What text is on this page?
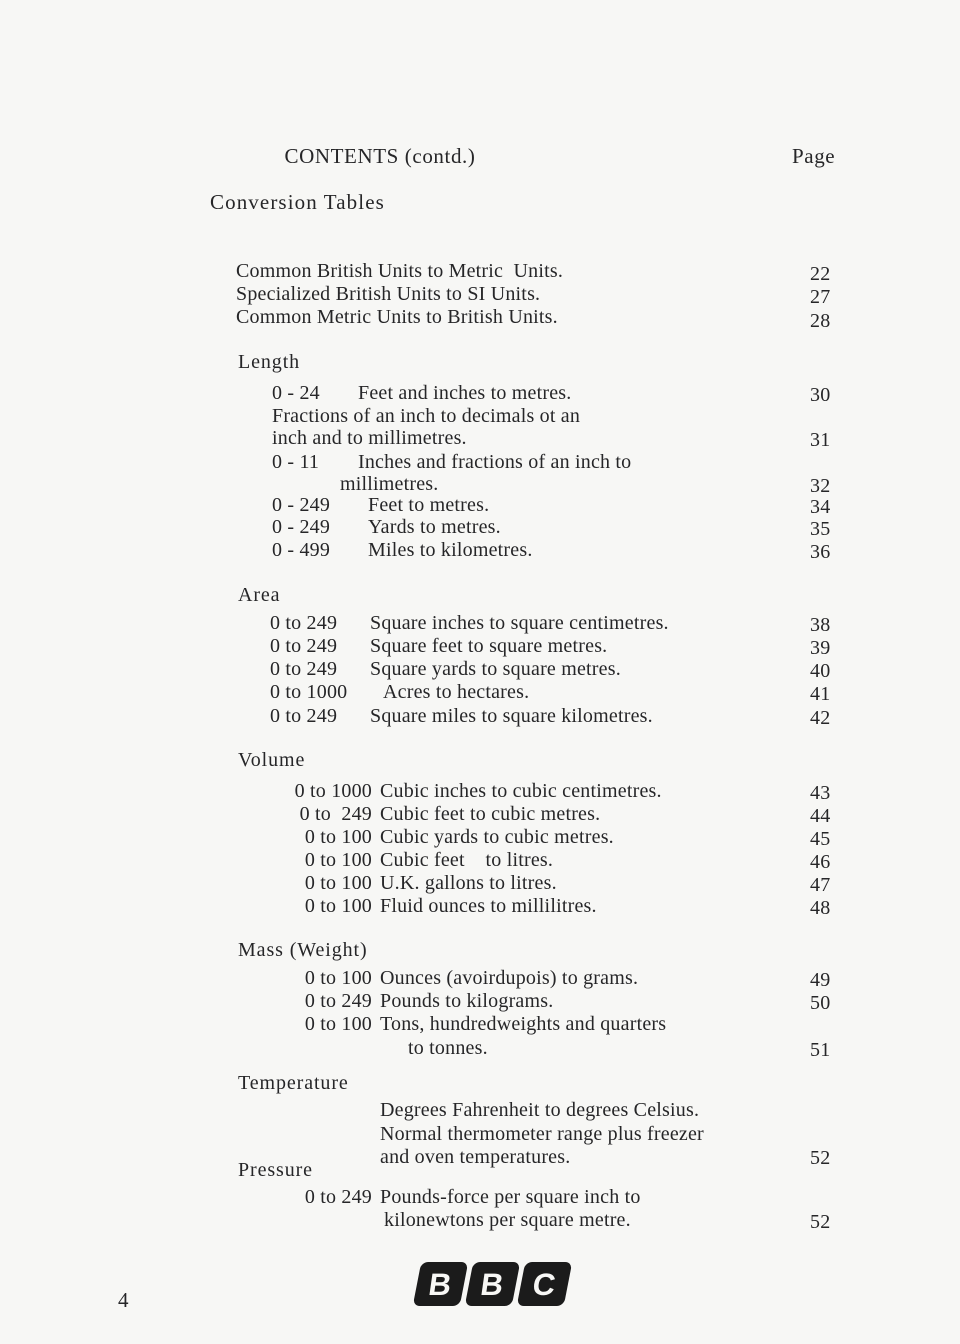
CONTENTS (contd.)	Page
Conversion Tables
Common British Units to Metric  Units.	22
Specialized British Units to SI Units.	27
Common Metric Units to British Units.	28
Length
0 - 24	Feet and inches to metres.	30
Fractions of an inch to decimals ot an
inch and to millimetres.	31
0 - 11	Inches and fractions of an inch to
millimetres.	32
0 - 249	Feet to metres.	34
0 - 249	Yards to metres.	35
0 - 499	Miles to kilometres.	36
Area
0 to 249 Square inches to square centimetres.	38
0 to 249 Square feet to square metres.	39
0 to 249 Square yards to square metres.	40
0 to 1000 Acres to hectares.	41
0 to 249 Square miles to square kilometres.	42
Volume
0 to 1000 Cubic inches to cubic centimetres.	43
0 to  249 Cubic feet to cubic metres.	44
0 to 100 Cubic yards to cubic metres.	45
0 to 100 Cubic feet    to litres.	46
0 to 100 U.K. gallons to litres.	47
0 to 100 Fluid ounces to millilitres.	48
Mass (Weight)
0 to 100 Ounces (avoirdupois) to grams.	49
0 to 249 Pounds to kilograms.	50
0 to 100 Tons, hundredweights and quarters
to tonnes.	51
Temperature
Degrees Fahrenheit to degrees Celsius.
Normal thermometer range plus freezer
and oven temperatures.	52
Pressure
0 to 249 Pounds-force per square inch to
kilonewtons per square metre.	52
4	B B C
